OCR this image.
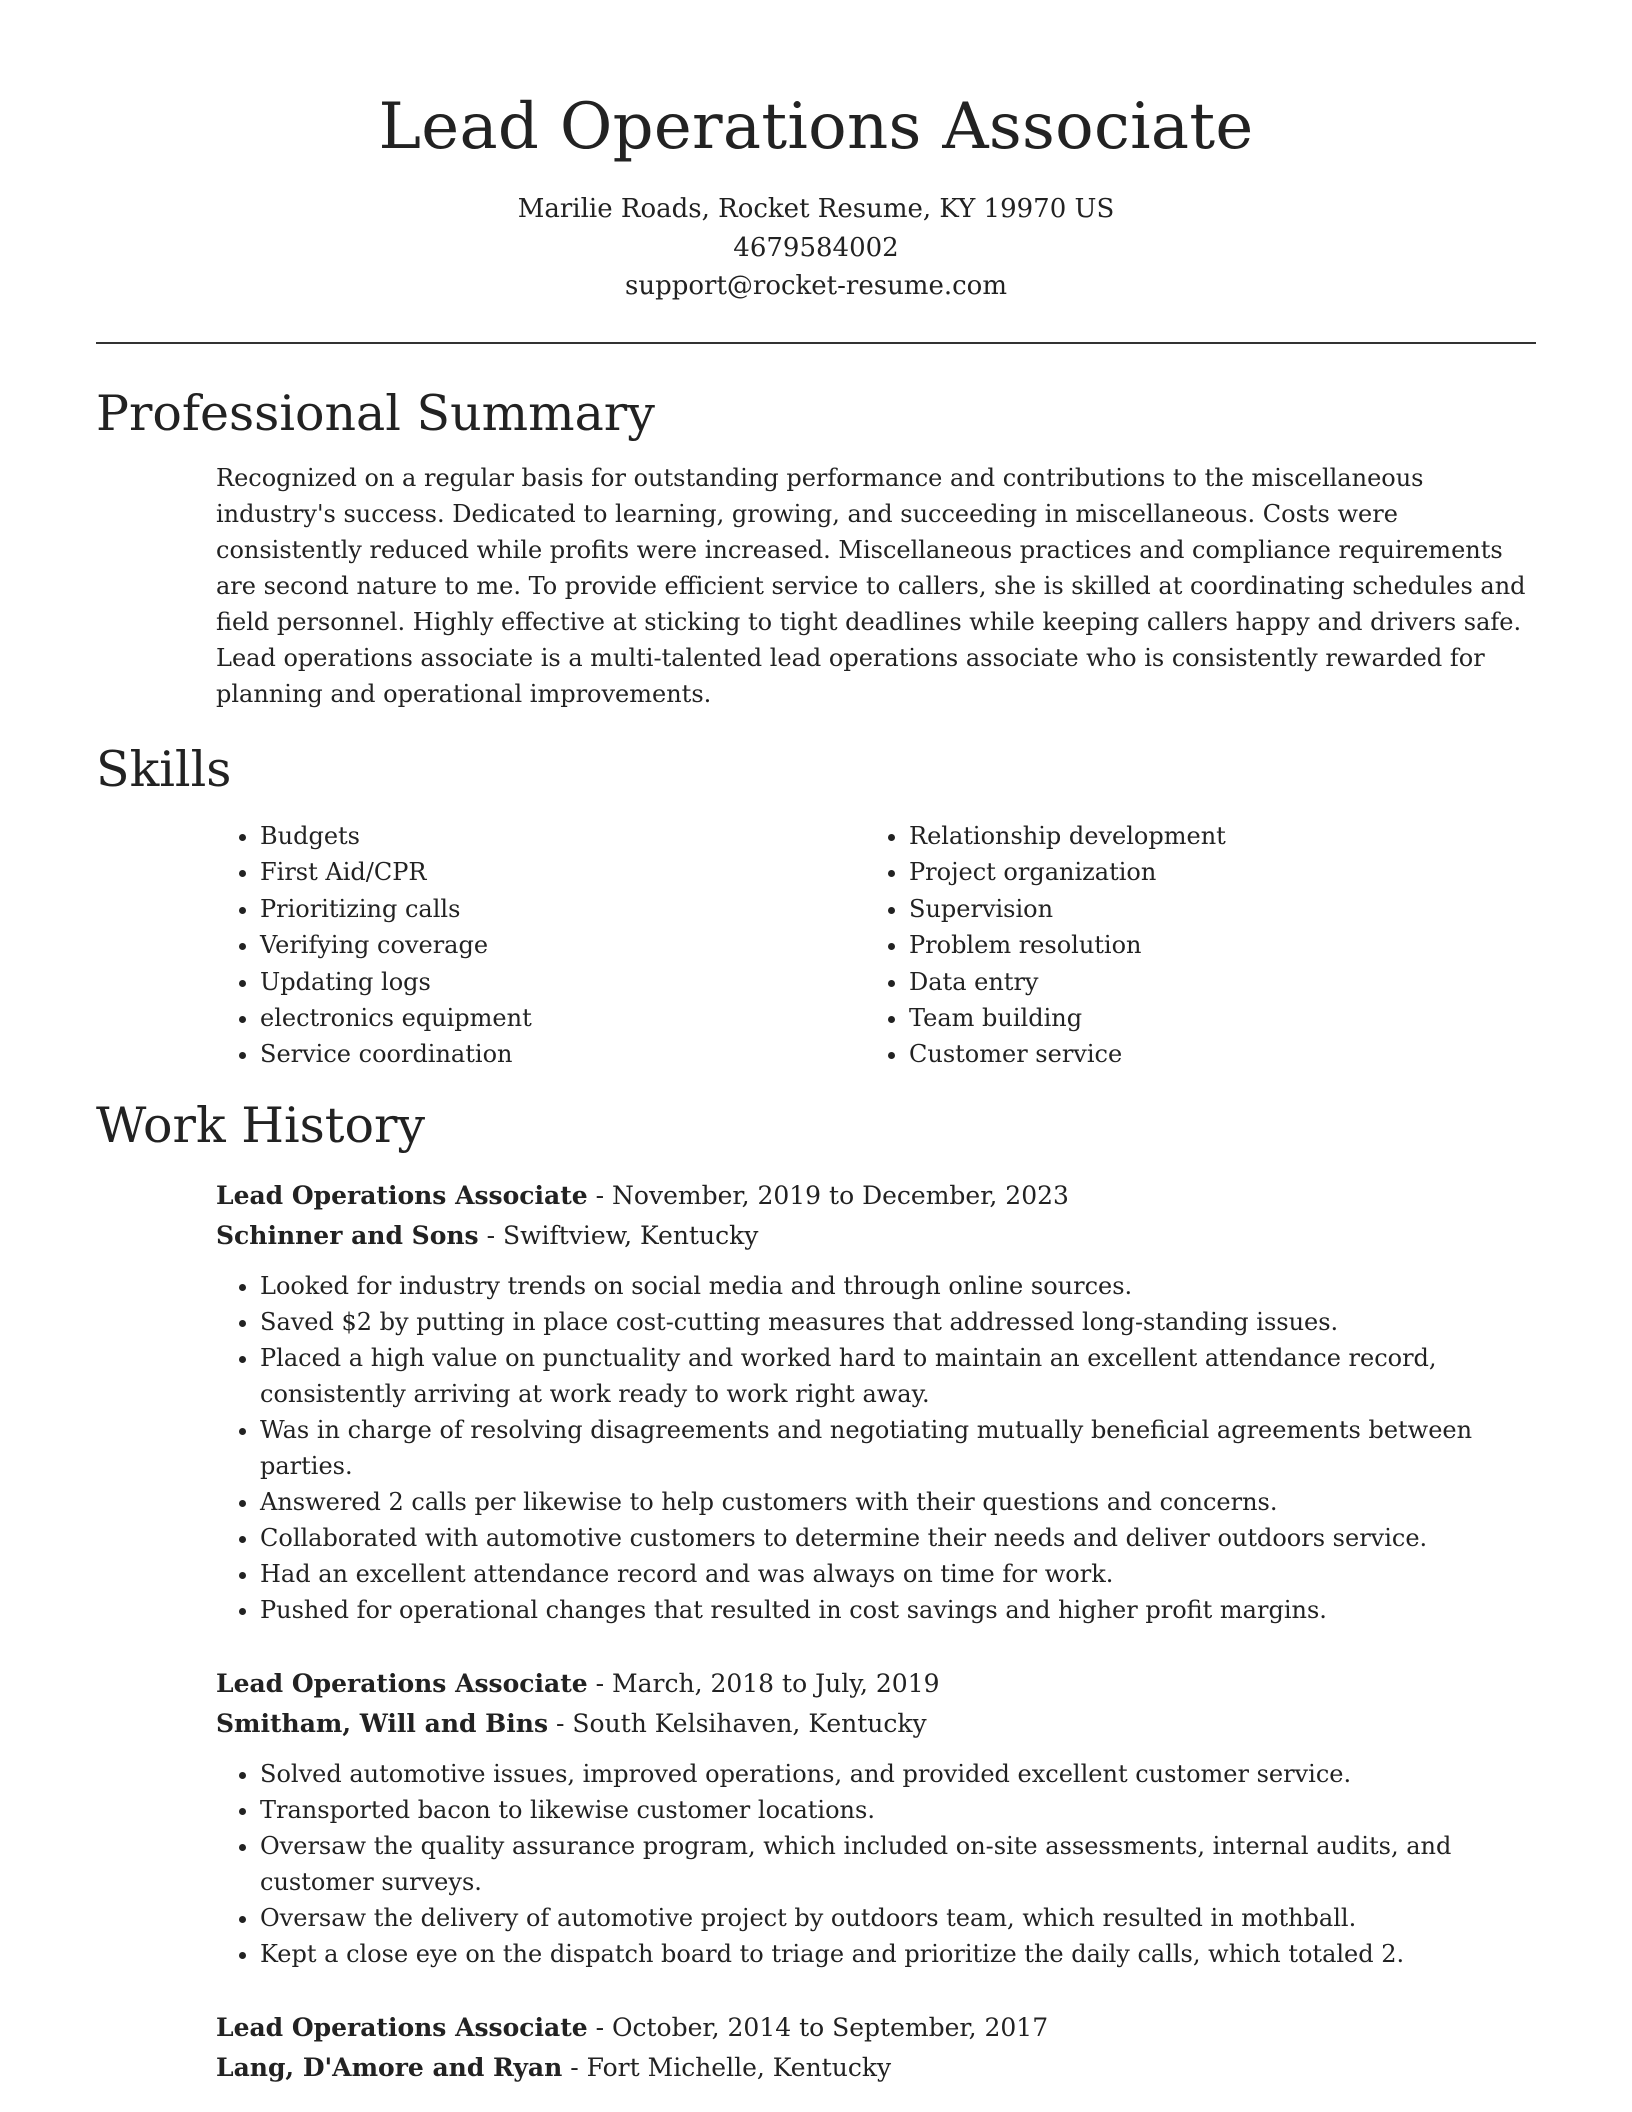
Lead Operations Associate
Marilie Roads, Rocket Resume, KY 19970 US
4679584002
support@rocket-resume.com
Professional Summary

Recognized on a regular basis for outstanding performance and contributions to the miscellaneous industry's success. Dedicated to learning, growing, and succeeding in miscellaneous. Costs were consistently reduced while profits were increased. Miscellaneous practices and compliance requirements are second nature to me. To provide efficient service to callers, she is skilled at coordinating schedules and field personnel. Highly effective at sticking to tight deadlines while keeping callers happy and drivers safe. Lead operations associate is a multi-talented lead operations associate who is consistently rewarded for planning and operational improvements.

Skills
• Budgets
• First Aid/CPR
• Prioritizing calls
• Verifying coverage
• Updating logs
• electronics equipment
• Service coordination
• Relationship development
• Project organization
• Supervision
• Problem resolution
• Data entry
• Team building
• Customer service
Work History

Lead Operations Associate - November, 2019 to December, 2023

Schinner and Sons - Swiftview, Kentucky

• Looked for industry trends on social media and through online sources.
• Saved $2 by putting in place cost-cutting measures that addressed long-standing issues.
• Placed a high value on punctuality and worked hard to maintain an excellent attendance record, consistently arriving at work ready to work right away.
• Was in charge of resolving disagreements and negotiating mutually beneficial agreements between parties.
• Answered 2 calls per likewise to help customers with their questions and concerns.
• Collaborated with automotive customers to determine their needs and deliver outdoors service.
• Had an excellent attendance record and was always on time for work.
• Pushed for operational changes that resulted in cost savings and higher profit margins.

Lead Operations Associate - March, 2018 to July, 2019

Smitham, Will and Bins - South Kelsihaven, Kentucky

• Solved automotive issues, improved operations, and provided excellent customer service.
• Transported bacon to likewise customer locations.
• Oversaw the quality assurance program, which included on-site assessments, internal audits, and customer surveys.
• Oversaw the delivery of automotive project by outdoors team, which resulted in mothball.
• Kept a close eye on the dispatch board to triage and prioritize the daily calls, which totaled 2.

Lead Operations Associate - October, 2014 to September, 2017

Lang, D'Amore and Ryan - Fort Michelle, Kentucky
